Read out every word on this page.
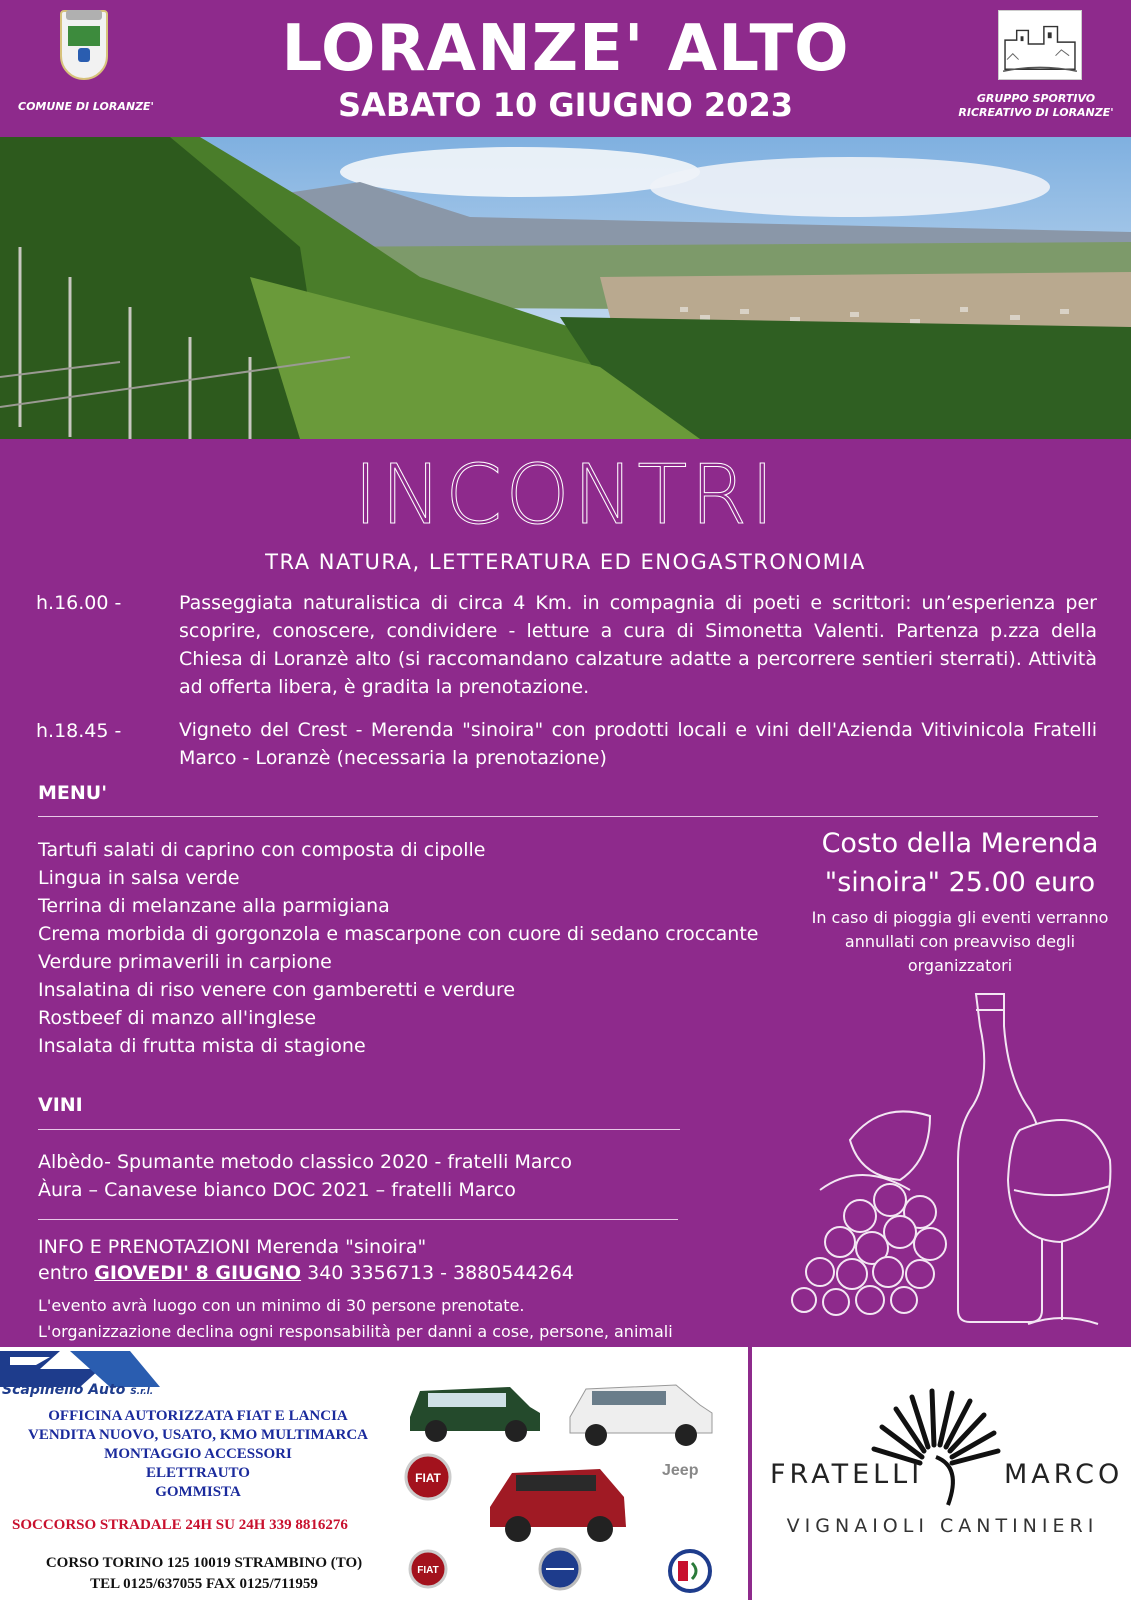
COMUNE DI LORANZE'
LORANZE' ALTO
SABATO 10 GIUGNO 2023	GRUPPO SPORTIVO RICREATIVO DI LORANZE'
INCONTRI
TRA NATURA, LETTERATURA ED ENOGASTRONOMIA
h.16.00 -	Passeggiata naturalistica di circa 4 Km. in compagnia di poeti e scrittori: un’esperienza per scoprire, conoscere, condividere - letture a cura di Simonetta Valenti. Partenza p.zza della Chiesa di Loranzè alto (si raccomandano calzature adatte a percorrere sentieri sterrati). Attività ad offerta libera, è gradita la prenotazione.
h.18.45 -	Vigneto del Crest - Merenda "sinoira" con prodotti locali e vini dell'Azienda Vitivinicola Fratelli Marco - Loranzè (necessaria la prenotazione)
MENU'
Tartufi salati di caprino con composta di cipolle
Lingua in salsa verde
Terrina di melanzane alla parmigiana
Crema morbida di gorgonzola e mascarpone con cuore di sedano croccante
Verdure primaverili in carpione
Insalatina di riso venere con gamberetti e verdure
Rostbeef di manzo all'inglese
Insalata di frutta mista di stagione
Costo della Merenda
"sinoira" 25.00 euro
In caso di pioggia gli eventi verranno annullati con preavviso degli organizzatori
VINI
Albèdo- Spumante metodo classico 2020 - fratelli Marco
Àura – Canavese bianco DOC 2021 – fratelli Marco
INFO E PRENOTAZIONI Merenda "sinoira"
entro GIOVEDI' 8 GIUGNO 340 3356713 - 3880544264
L'evento avrà luogo con un minimo di 30 persone prenotate.
L'organizzazione declina ogni responsabilità per danni a cose, persone, animali
Scapinello Auto S.r.l.
OFFICINA AUTORIZZATA FIAT E LANCIA
VENDITA NUOVO, USATO, KMO MULTIMARCA
MONTAGGIO ACCESSORI
ELETTRAUTO
GOMMISTA
SOCCORSO STRADALE 24H SU 24H 339 8816276
CORSO TORINO 125 10019 STRAMBINO (TO)
TEL 0125/637055 FAX 0125/711959
FIAT	Jeep
FIAT
FRATELLI	MARCO
VIGNAIOLI CANTINIERI
